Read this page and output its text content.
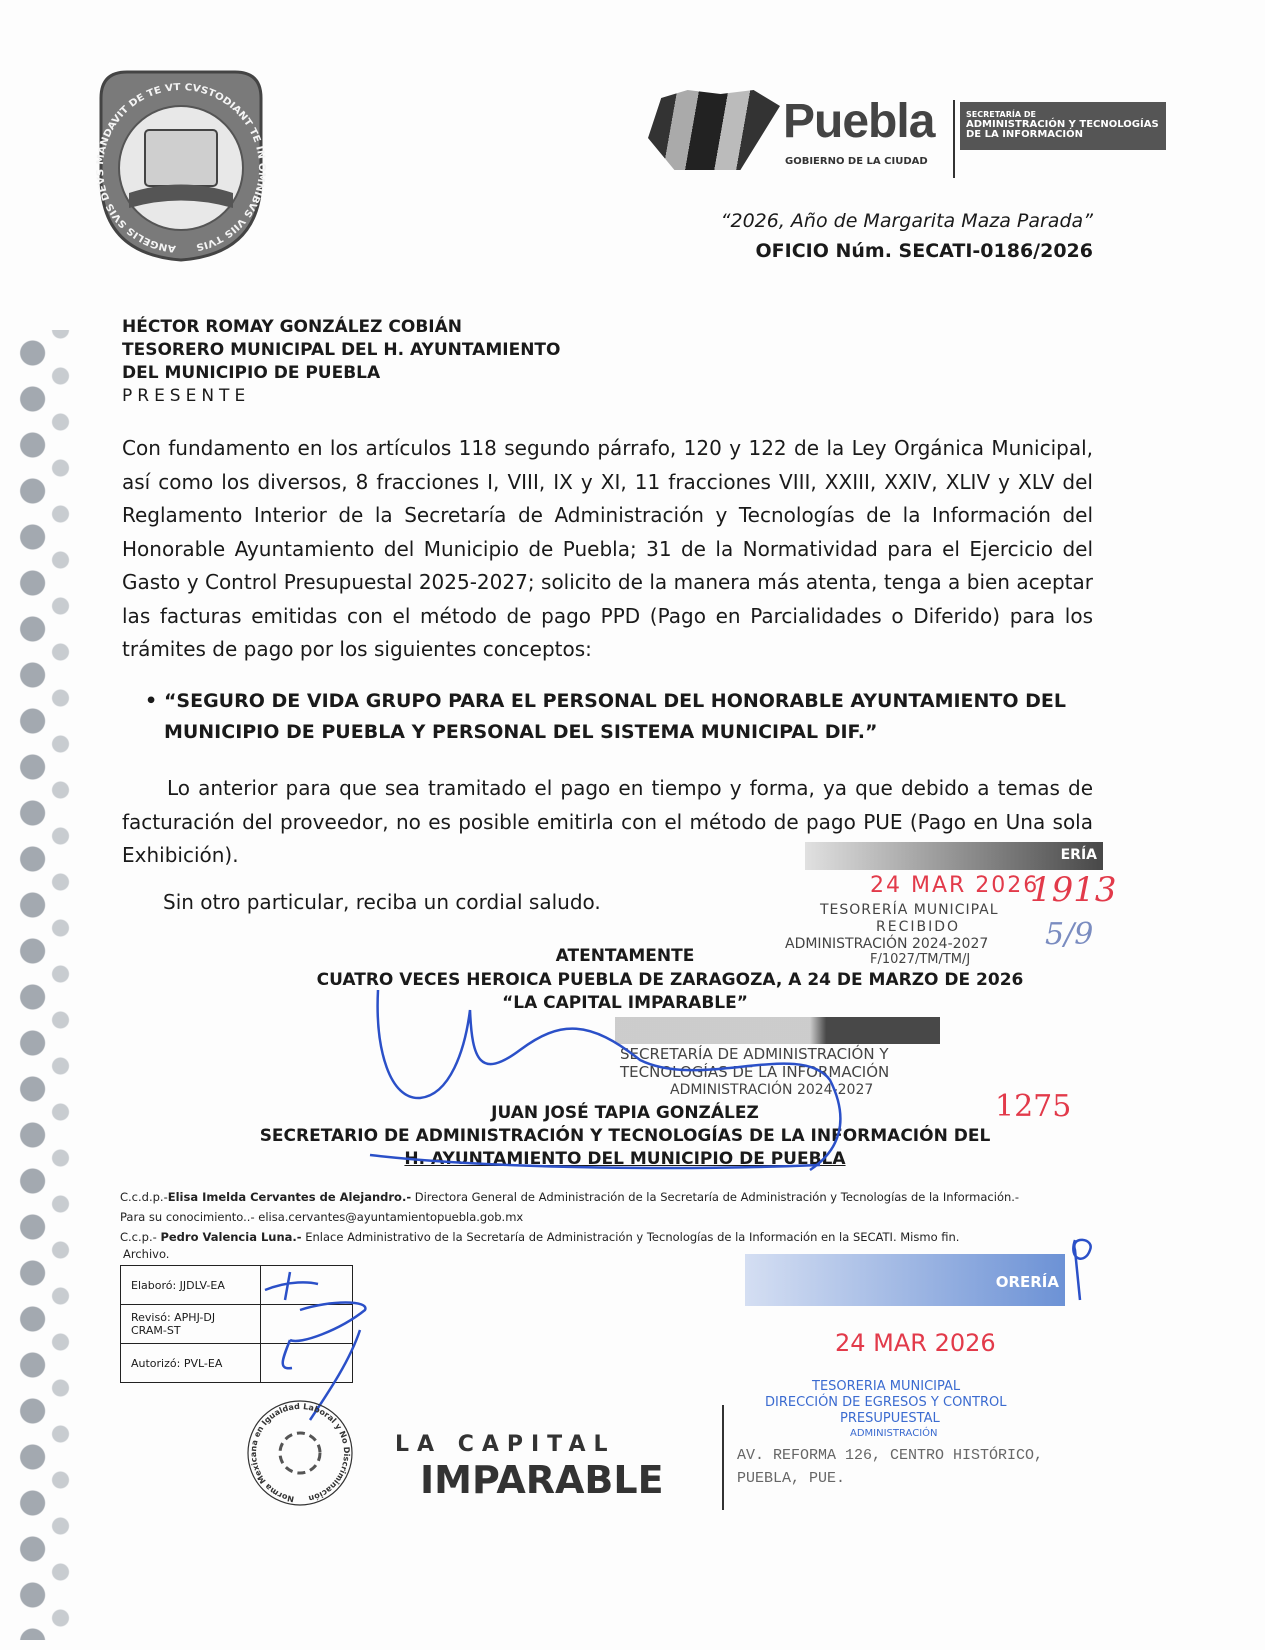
ANGELIS SVIS DEVS MANDAVIT DE TE VT CVSTODIANT TE IN OMNIBVS VIIS TVIS
Puebla
GOBIERNO DE LA CIUDAD
SECRETARÍA DE
ADMINISTRACIÓN Y TECNOLOGÍAS
DE LA INFORMACIÓN
“2026, Año de Margarita Maza Parada”
OFICIO Núm. SECATI-0186/2026
HÉCTOR ROMAY GONZÁLEZ COBIÁN
TESORERO MUNICIPAL DEL H. AYUNTAMIENTO
DEL MUNICIPIO DE PUEBLA
PRESENTE

Con fundamento en los artículos 118 segundo párrafo, 120 y 122 de la Ley Orgánica Municipal, así como los diversos, 8 fracciones I, VIII, IX y XI, 11 fracciones VIII, XXIII, XXIV, XLIV y XLV del Reglamento Interior de la Secretaría de Administración y Tecnologías de la Información del Honorable Ayuntamiento del Municipio de Puebla; 31 de la Normatividad para el Ejercicio del Gasto y Control Presupuestal 2025-2027; solicito de la manera más atenta, tenga a bien aceptar las facturas emitidas con el método de pago PPD (Pago en Parcialidades o Diferido) para los trámites de pago por los siguientes conceptos:

• “SEGURO DE VIDA GRUPO PARA EL PERSONAL DEL HONORABLE AYUNTAMIENTO DEL MUNICIPIO DE PUEBLA Y PERSONAL DEL SISTEMA MUNICIPAL DIF.”

Lo anterior para que sea tramitado el pago en tiempo y forma, ya que debido a temas de facturación del proveedor, no es posible emitirla con el método de pago PUE (Pago en Una sola Exhibición).

Sin otro particular, reciba un cordial saludo.
ATENTAMENTE
CUATRO VECES HEROICA PUEBLA DE ZARAGOZA, A 24 DE MARZO DE 2026
“LA CAPITAL IMPARABLE”
JUAN JOSÉ TAPIA GONZÁLEZ
SECRETARIO DE ADMINISTRACIÓN Y TECNOLOGÍAS DE LA INFORMACIÓN DEL
H. AYUNTAMIENTO DEL MUNICIPIO DE PUEBLA
C.c.d.p.-Elisa Imelda Cervantes de Alejandro.- Directora General de Administración de la Secretaría de Administración y Tecnologías de la Información.-
Para su conocimiento..- elisa.cervantes@ayuntamientopuebla.gob.mx
C.c.p.- Pedro Valencia Luna.- Enlace Administrativo de la Secretaría de Administración y Tecnologías de la Información en la SECATI. Mismo fin.
Archivo.
Elaboró: JJDLV-EA	
Revisó: APHJ-DJ CRAM-ST	
Autorizó: PVL-EA	
ERÍA
24 MAR 2026
1913
TESORERÍA MUNICIPAL
5/9
RECIBIDO
ADMINISTRACIÓN 2024-2027
F/1027/TM/TM/J
SECRETARÍA DE ADMINISTRACIÓN Y
TECNOLOGÍAS DE LA INFORMACIÓN
ADMINISTRACIÓN 2024-2027	1275
ORERÍA
24 MAR 2026
TESORERIA MUNICIPAL
DIRECCIÓN DE EGRESOS Y CONTROL
PRESUPUESTAL
ADMINISTRACIÓN
Norma Mexicana en Igualdad Laboral y No Discriminación
LA CAPITAL
IMPARABLE
AV. REFORMA 126, CENTRO HISTÓRICO,
PUEBLA, PUE.
